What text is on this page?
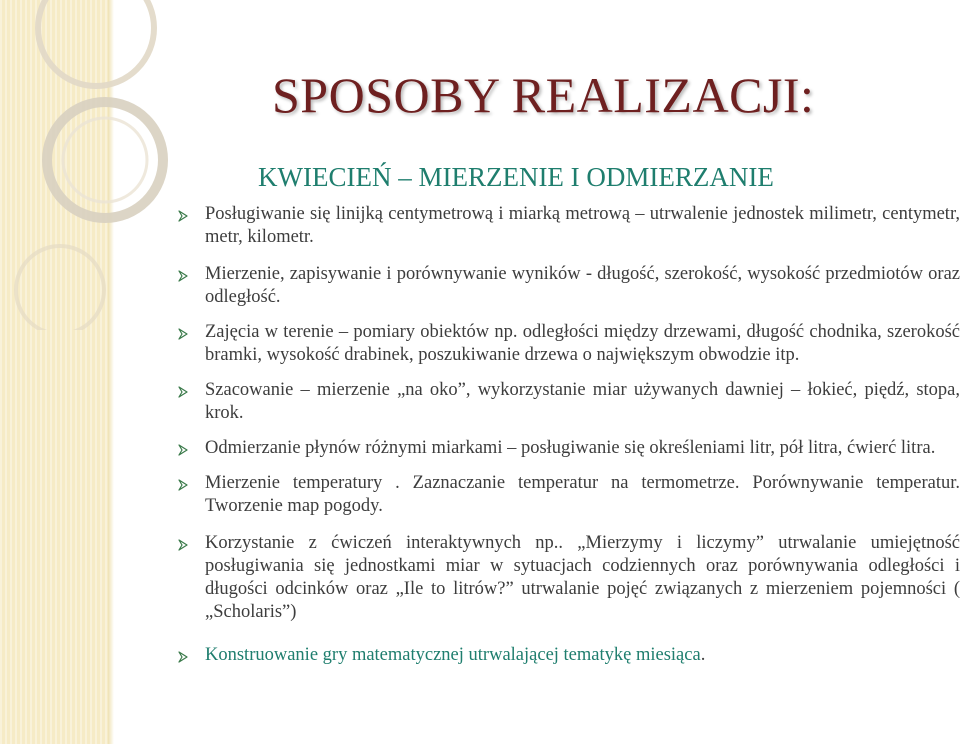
SPOSOBY REALIZACJI:
KWIECIEŃ – MIERZENIE I ODMIERZANIE
Posługiwanie się linijką centymetrową i miarką metrową – utrwalenie jednostek milimetr, centymetr, metr, kilometr.
Mierzenie, zapisywanie i porównywanie wyników - długość, szerokość, wysokość przedmiotów oraz odległość.
Zajęcia w terenie – pomiary obiektów np. odległości między drzewami, długość chodnika, szerokość bramki, wysokość drabinek, poszukiwanie drzewa o największym obwodzie itp.
Szacowanie – mierzenie „na oko”, wykorzystanie miar używanych dawniej – łokieć, piędź, stopa, krok.
Odmierzanie płynów różnymi miarkami – posługiwanie się określeniami litr, pół litra, ćwierć litra.
Mierzenie temperatury . Zaznaczanie temperatur na termometrze. Porównywanie temperatur. Tworzenie map pogody.
Korzystanie z ćwiczeń interaktywnych np.. „Mierzymy i liczymy” utrwalanie umiejętność posługiwania się jednostkami miar w sytuacjach codziennych oraz porównywania odległości i długości odcinków oraz „Ile to litrów?” utrwalanie pojęć związanych z mierzeniem pojemności ( „Scholaris”)
Konstruowanie gry matematycznej utrwalającej tematykę miesiąca.
